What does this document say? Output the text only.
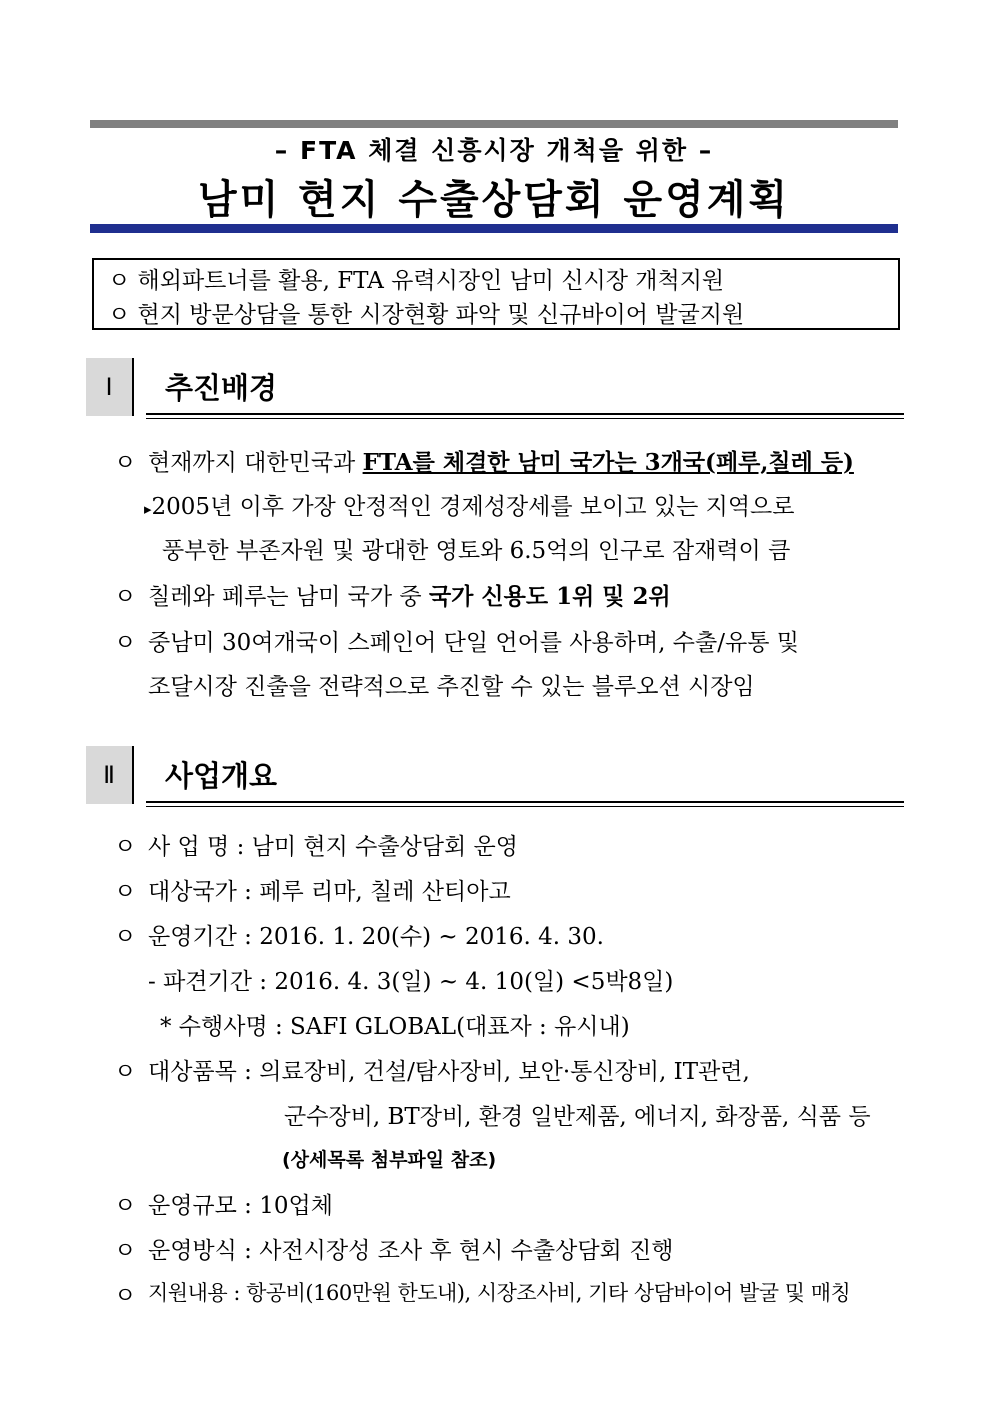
– FTA 체결 신흥시장 개척을 위한 –
남미 현지 수출상담회 운영계획
ㅇ 해외파트너를 활용, FTA 유력시장인 남미 신시장 개척지원
ㅇ 현지 방문상담을 통한 시장현황 파악 및 신규바이어 발굴지원
Ⅰ	추진배경
ㅇ 현재까지 대한민국과 FTA를 체결한 남미 국가는 3개국(페루,칠레 등)
▸2005년 이후 가장 안정적인 경제성장세를 보이고 있는 지역으로
풍부한 부존자원 및 광대한 영토와 6.5억의 인구로 잠재력이 큼
ㅇ 칠레와 페루는 남미 국가 중 국가 신용도 1위 및 2위
ㅇ 중남미 30여개국이 스페인어 단일 언어를 사용하며, 수출/유통 및
조달시장 진출을 전략적으로 추진할 수 있는 블루오션 시장임
Ⅱ	사업개요
ㅇ 사 업 명 : 남미 현지 수출상담회 운영
ㅇ 대상국가 : 페루 리마, 칠레 산티아고
ㅇ 운영기간 : 2016. 1. 20(수) ~ 2016. 4. 30.
- 파견기간 : 2016. 4. 3(일) ~ 4. 10(일) <5박8일)
* 수행사명 : SAFI GLOBAL(대표자 : 유시내)
ㅇ 대상품목 : 의료장비, 건설/탐사장비, 보안·통신장비, IT관련,
군수장비, BT장비, 환경 일반제품, 에너지, 화장품, 식품 등
(상세목록 첨부파일 참조)
ㅇ 운영규모 : 10업체
ㅇ 운영방식 : 사전시장성 조사 후 현시 수출상담회 진행
ㅇ 지원내용 : 항공비(160만원 한도내), 시장조사비, 기타 상담바이어 발굴 및 매칭
